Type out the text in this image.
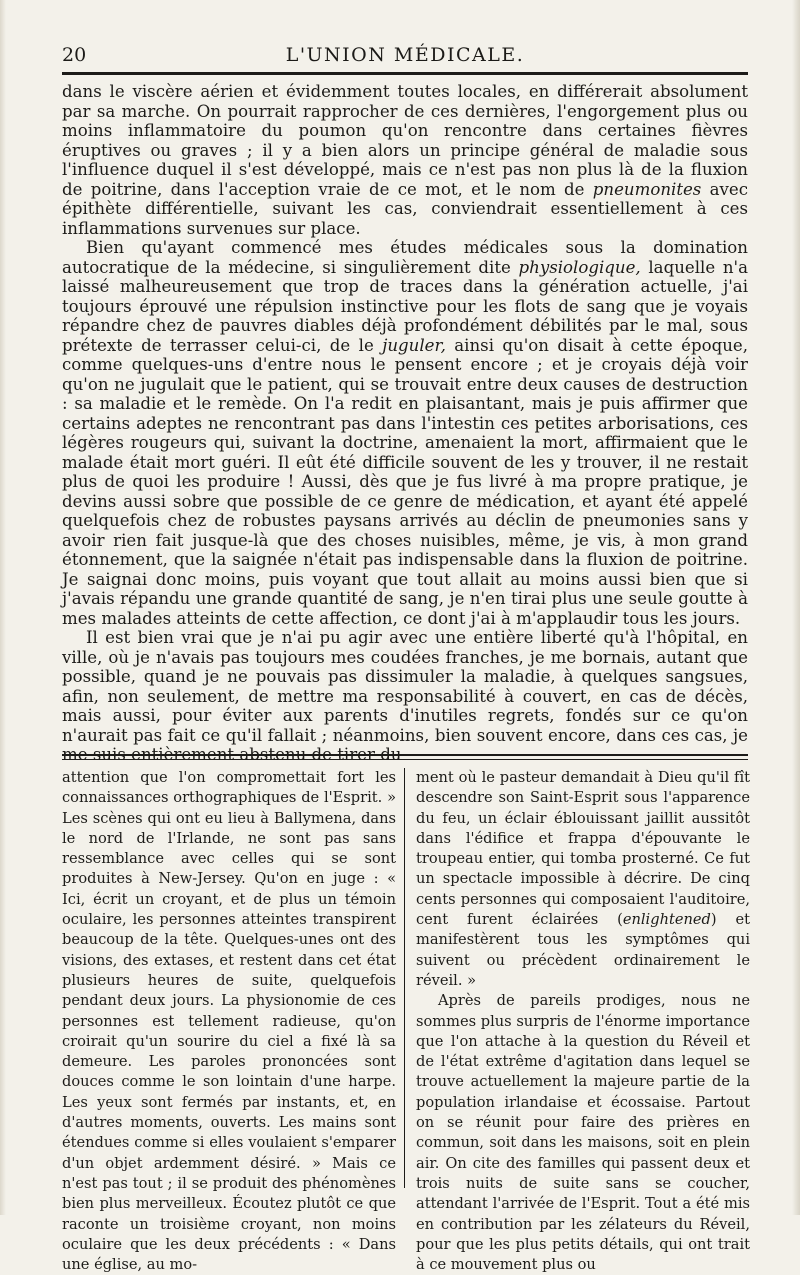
20	L'UNION MÉDICALE.

dans le viscère aérien et évidemment toutes locales, en différerait absolument par sa marche. On pourrait rapprocher de ces dernières, l'engorgement plus ou moins inflammatoire du poumon qu'on rencontre dans certaines fièvres éruptives ou graves ; il y a bien alors un principe général de maladie sous l'influence duquel il s'est développé, mais ce n'est pas non plus là de la fluxion de poitrine, dans l'acception vraie de ce mot, et le nom de pneumonites avec épithète différentielle, suivant les cas, conviendrait essentiellement à ces inflammations survenues sur place.

Bien qu'ayant commencé mes études médicales sous la domination autocratique de la médecine, si singulièrement dite physiologique, laquelle n'a laissé malheureusement que trop de traces dans la génération actuelle, j'ai toujours éprouvé une répulsion instinctive pour les flots de sang que je voyais répandre chez de pauvres diables déjà profondément débilités par le mal, sous prétexte de terrasser celui-ci, de le juguler, ainsi qu'on disait à cette époque, comme quelques-uns d'entre nous le pensent encore ; et je croyais déjà voir qu'on ne jugulait que le patient, qui se trouvait entre deux causes de destruction : sa maladie et le remède. On l'a redit en plaisantant, mais je puis affirmer que certains adeptes ne rencontrant pas dans l'intestin ces petites arborisations, ces légères rougeurs qui, suivant la doctrine, amenaient la mort, affirmaient que le malade était mort guéri. Il eût été difficile souvent de les y trouver, il ne restait plus de quoi les produire ! Aussi, dès que je fus livré à ma propre pratique, je devins aussi sobre que possible de ce genre de médication, et ayant été appelé quelquefois chez de robustes paysans arrivés au déclin de pneumonies sans y avoir rien fait jusque-là que des choses nuisibles, même, je vis, à mon grand étonnement, que la saignée n'était pas indispensable dans la fluxion de poitrine. Je saignai donc moins, puis voyant que tout allait au moins aussi bien que si j'avais répandu une grande quantité de sang, je n'en tirai plus une seule goutte à mes malades atteints de cette affection, ce dont j'ai à m'applaudir tous les jours.

Il est bien vrai que je n'ai pu agir avec une entière liberté qu'à l'hôpital, en ville, où je n'avais pas toujours mes coudées franches, je me bornais, autant que possible, quand je ne pouvais pas dissimuler la maladie, à quelques sangsues, afin, non seulement, de mettre ma responsabilité à couvert, en cas de décès, mais aussi, pour éviter aux parents d'inutiles regrets, fondés sur ce qu'on n'aurait pas fait ce qu'il fallait ; néanmoins, bien souvent encore, dans ces cas, je me suis entièrement abstenu de tirer du

attention que l'on compromettait fort les connaissances orthographiques de l'Esprit. » Les scènes qui ont eu lieu à Ballymena, dans le nord de l'Irlande, ne sont pas sans ressemblance avec celles qui se sont produites à New-Jersey. Qu'on en juge : « Ici, écrit un croyant, et de plus un témoin oculaire, les personnes atteintes transpirent beaucoup de la tête. Quelques-unes ont des visions, des extases, et restent dans cet état plusieurs heures de suite, quelquefois pendant deux jours. La physionomie de ces personnes est tellement radieuse, qu'on croirait qu'un sourire du ciel a fixé là sa demeure. Les paroles prononcées sont douces comme le son lointain d'une harpe. Les yeux sont fermés par instants, et, en d'autres moments, ouverts. Les mains sont étendues comme si elles voulaient s'emparer d'un objet ardemment désiré. » Mais ce n'est pas tout ; il se produit des phénomènes bien plus merveilleux. Écoutez plutôt ce que raconte un troisième croyant, non moins oculaire que les deux précédents : « Dans une église, au mo-

ment où le pasteur demandait à Dieu qu'il fît descendre son Saint-Esprit sous l'apparence du feu, un éclair éblouissant jaillit aussitôt dans l'édifice et frappa d'épouvante le troupeau entier, qui tomba prosterné. Ce fut un spectacle impossible à décrire. De cinq cents personnes qui composaient l'auditoire, cent furent éclairées (enlightened) et manifestèrent tous les symptômes qui suivent ou précèdent ordinairement le réveil. »

Après de pareils prodiges, nous ne sommes plus surpris de l'énorme importance que l'on attache à la question du Réveil et de l'état extrême d'agitation dans lequel se trouve actuellement la majeure partie de la population irlandaise et écossaise. Partout on se réunit pour faire des prières en commun, soit dans les maisons, soit en plein air. On cite des familles qui passent deux et trois nuits de suite sans se coucher, attendant l'arrivée de l'Esprit. Tout a été mis en contribution par les zélateurs du Réveil, pour que les plus petits détails, qui ont trait à ce mouvement plus ou
